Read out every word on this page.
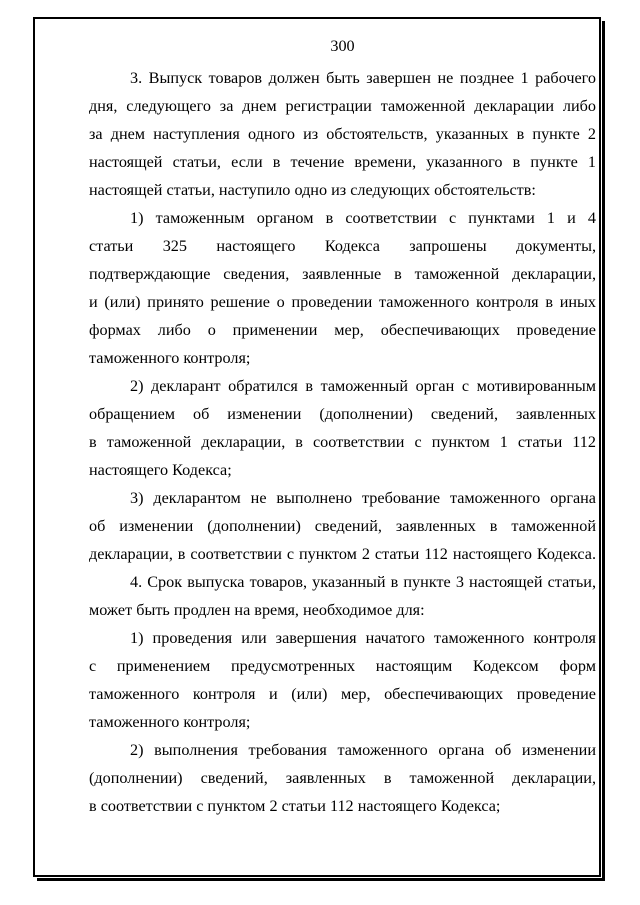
300
3. Выпуск товаров должен быть завершен не позднее 1 рабочего
дня, следующего за днем регистрации таможенной декларации либо
за днем наступления одного из обстоятельств, указанных в пункте 2
настоящей статьи, если в течение времени, указанного в пункте 1
настоящей статьи, наступило одно из следующих обстоятельств:
1) таможенным органом в соответствии с пунктами 1 и 4
статьи 325 настоящего Кодекса запрошены документы,
подтверждающие сведения, заявленные в таможенной декларации,
и (или) принято решение о проведении таможенного контроля в иных
формах либо о применении мер, обеспечивающих проведение
таможенного контроля;
2) декларант обратился в таможенный орган с мотивированным
обращением об изменении (дополнении) сведений, заявленных
в таможенной декларации, в соответствии с пунктом 1 статьи 112
настоящего Кодекса;
3) декларантом не выполнено требование таможенного органа
об изменении (дополнении) сведений, заявленных в таможенной
декларации, в соответствии с пунктом 2 статьи 112 настоящего Кодекса.
4. Срок выпуска товаров, указанный в пункте 3 настоящей статьи,
может быть продлен на время, необходимое для:
1) проведения или завершения начатого таможенного контроля
с применением предусмотренных настоящим Кодексом форм
таможенного контроля и (или) мер, обеспечивающих проведение
таможенного контроля;
2) выполнения требования таможенного органа об изменении
(дополнении) сведений, заявленных в таможенной декларации,
в соответствии с пунктом 2 статьи 112 настоящего Кодекса;
